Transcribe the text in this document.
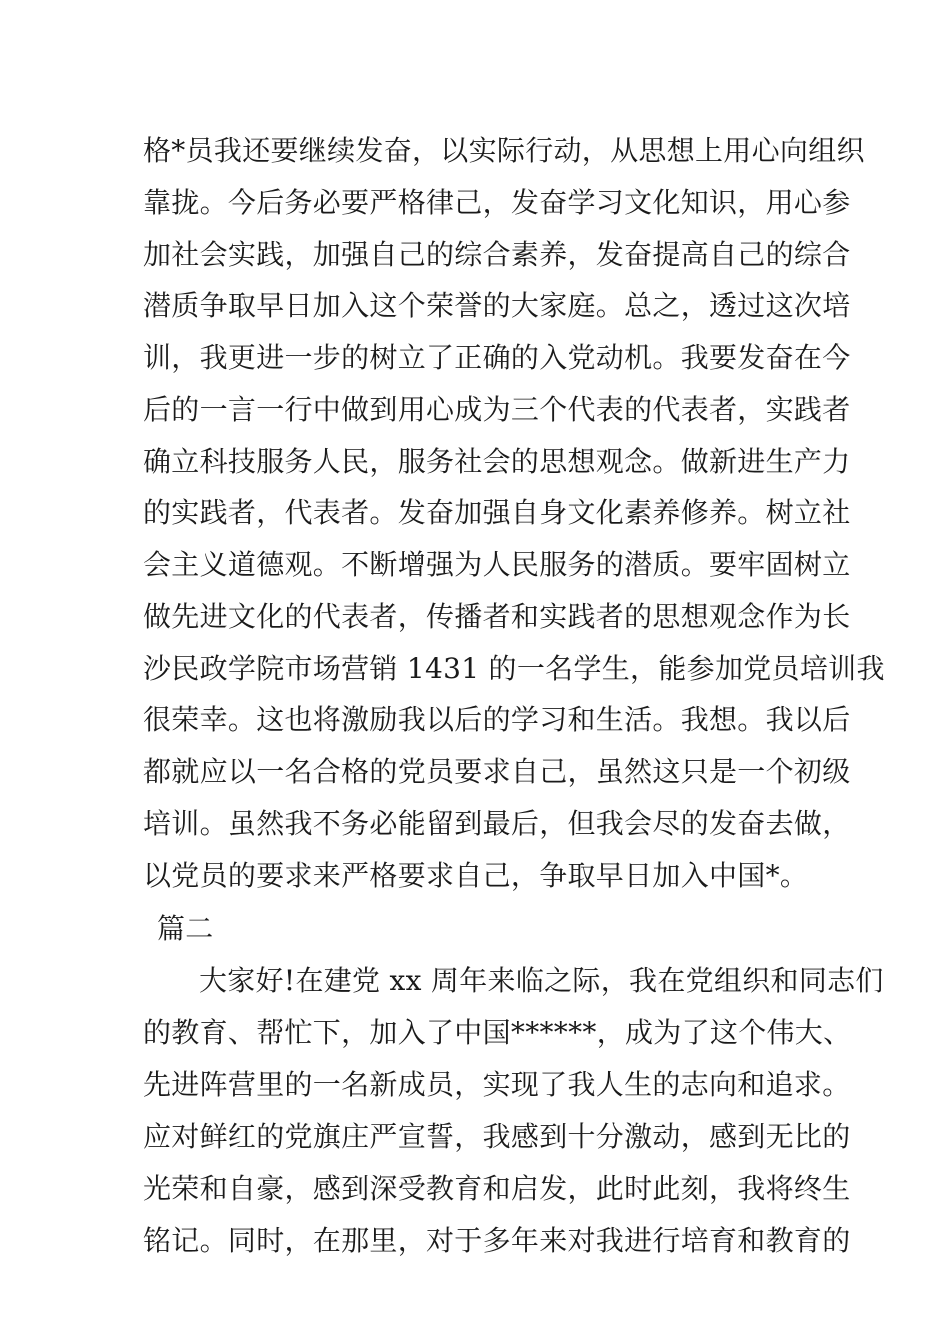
格*员我还要继续发奋，以实际行动，从思想上用心向组织
靠拢。今后务必要严格律己，发奋学习文化知识，用心参
加社会实践，加强自己的综合素养，发奋提高自己的综合
潜质争取早日加入这个荣誉的大家庭。总之，透过这次培
训，我更进一步的树立了正确的入党动机。我要发奋在今
后的一言一行中做到用心成为三个代表的代表者，实践者
确立科技服务人民，服务社会的思想观念。做新进生产力
的实践者，代表者。发奋加强自身文化素养修养。树立社
会主义道德观。不断增强为人民服务的潜质。要牢固树立
做先进文化的代表者，传播者和实践者的思想观念作为长
沙民政学院市场营销 1431 的一名学生，能参加党员培训我
很荣幸。这也将激励我以后的学习和生活。我想。我以后
都就应以一名合格的党员要求自己，虽然这只是一个初级
培训。虽然我不务必能留到最后，但我会尽的发奋去做，
以党员的要求来严格要求自己，争取早日加入中国*。
篇二
大家好!在建党 xx 周年来临之际，我在党组织和同志们
的教育、帮忙下，加入了中国******，成为了这个伟大、
先进阵营里的一名新成员，实现了我人生的志向和追求。
应对鲜红的党旗庄严宣誓，我感到十分激动，感到无比的
光荣和自豪，感到深受教育和启发，此时此刻，我将终生
铭记。同时，在那里，对于多年来对我进行培育和教育的
